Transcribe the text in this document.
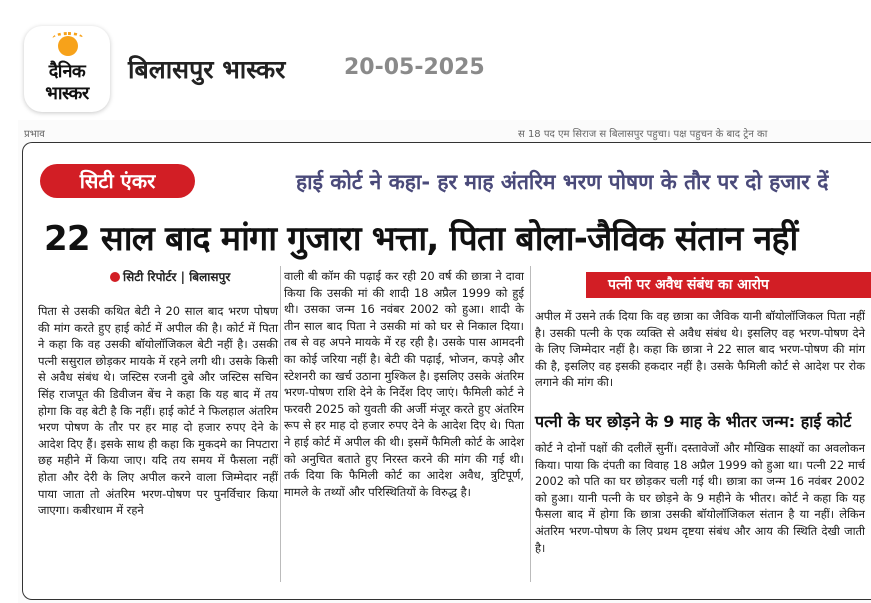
दैनिक
भास्कर
बिलासपुर भास्कर	20-05-2025
प्रभाव	स 18 पद एम सिराज स बिलासपुर पहुचा। पक्ष पहुचन के बाद ट्रेन का
सिटी एंकर	हाई कोर्ट ने कहा- हर माह अंतरिम भरण पोषण के तौर पर दो हजार दें
22 साल बाद मांगा गुजारा भत्ता, पिता बोला-जैविक संतान नहीं
सिटी रिपोर्टर | बिलासपुर
पिता से उसकी कथित बेटी ने 20 साल बाद भरण पोषण की मांग करते हुए हाई कोर्ट में अपील की है। कोर्ट में पिता ने कहा कि वह उसकी बॉयोलॉजिकल बेटी नहीं है। उसकी पत्नी ससुराल छोड़कर मायके में रहने लगी थी। उसके किसी से अवैध संबंध थे। जस्टिस रजनी दुबे और जस्टिस सचिन सिंह राजपूत की डिवीजन बेंच ने कहा कि यह बाद में तय होगा कि वह बेटी है कि नहीं। हाई कोर्ट ने फिलहाल अंतरिम भरण पोषण के तौर पर हर माह दो हजार रुपए देने के आदेश दिए हैं। इसके साथ ही कहा कि मुकदमे का निपटारा छह महीने में किया जाए। यदि तय समय में फैसला नहीं होता और देरी के लिए अपील करने वाला जिम्मेदार नहीं पाया जाता तो अंतरिम भरण-पोषण पर पुनर्विचार किया जाएगा। कबीरधाम में रहने
वाली बी कॉम की पढ़ाई कर रही 20 वर्ष की छात्रा ने दावा किया कि उसकी मां की शादी 18 अप्रैल 1999 को हुई थी। उसका जन्म 16 नवंबर 2002 को हुआ। शादी के तीन साल बाद पिता ने उसकी मां को घर से निकाल दिया। तब से वह अपने मायके में रह रही है। उसके पास आमदनी का कोई जरिया नहीं है। बेटी की पढ़ाई, भोजन, कपड़े और स्टेशनरी का खर्च उठाना मुश्किल है। इसलिए उसके अंतरिम भरण-पोषण राशि देने के निर्देश दिए जाएं। फैमिली कोर्ट ने फरवरी 2025 को युवती की अर्जी मंजूर करते हुए अंतरिम रूप से हर माह दो हजार रुपए देने के आदेश दिए थे। पिता ने हाई कोर्ट में अपील की थी। इसमें फैमिली कोर्ट के आदेश को अनुचित बताते हुए निरस्त करने की मांग की गई थी। तर्क दिया कि फैमिली कोर्ट का आदेश अवैध, त्रुटिपूर्ण, मामले के तथ्यों और परिस्थितियों के विरुद्ध है।
पत्नी पर अवैध संबंध का आरोप
अपील में उसने तर्क दिया कि वह छात्रा का जैविक यानी बॉयोलॉजिकल पिता नहीं है। उसकी पत्नी के एक व्यक्ति से अवैध संबंध थे। इसलिए वह भरण-पोषण देने के लिए जिम्मेदार नहीं है। कहा कि छात्रा ने 22 साल बाद भरण-पोषण की मांग की है, इसलिए वह इसकी हकदार नहीं है। उसके फैमिली कोर्ट से आदेश पर रोक लगाने की मांग की।
पत्नी के घर छोड़ने के 9 माह के भीतर जन्म: हाई कोर्ट
कोर्ट ने दोनों पक्षों की दलीलें सुनीं। दस्तावेजों और मौखिक साक्ष्यों का अवलोकन किया। पाया कि दंपती का विवाह 18 अप्रैल 1999 को हुआ था। पत्नी 22 मार्च 2002 को पति का घर छोड़कर चली गई थी। छात्रा का जन्म 16 नवंबर 2002 को हुआ। यानी पत्नी के घर छोड़ने के 9 महीने के भीतर। कोर्ट ने कहा कि यह फैसला बाद में होगा कि छात्रा उसकी बॉयोलॉजिकल संतान है या नहीं। लेकिन अंतरिम भरण-पोषण के लिए प्रथम दृष्टया संबंध और आय की स्थिति देखी जाती है।
